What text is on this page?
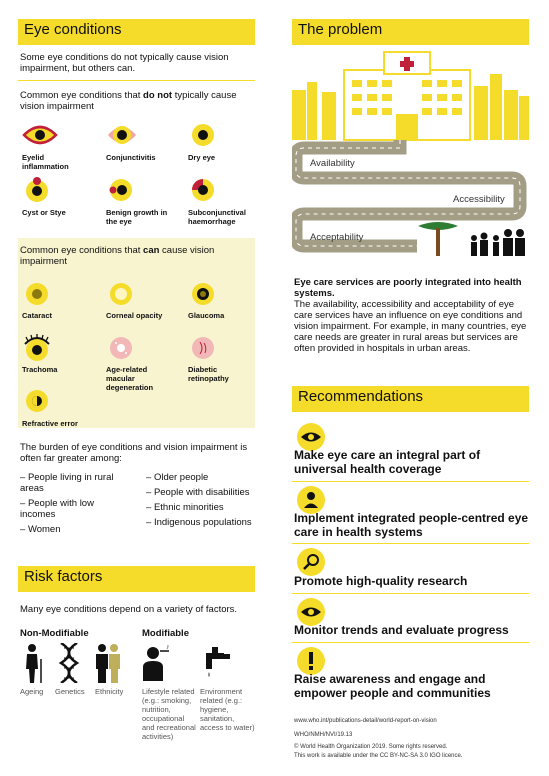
Eye conditions
Some eye conditions do not typically cause vision impairment, but others can.
Common eye conditions that do not typically cause vision impairment
Eyelid inflammation
Conjunctivitis	Dry eye
Cyst or Stye	Benign growth in the eye
Subconjunctival haemorrhage
Common eye conditions that can cause vision impairment
Cataract	Corneal opacity	Glaucoma
Trachoma	Age-related macular degeneration
Diabetic retinopathy
Refractive error
The burden of eye conditions and vision impairment is often far greater among:
– People living in rural areas
– People with low incomes
– Women
– Older people
– People with disabilities
– Ethnic minorities
– Indigenous populations
Risk factors
Many eye conditions depend on a variety of factors.
Non-Modifiable	Modifiable
Ageing Genetics Ethnicity Lifestyle related (e.g.: smoking, nutrition, occupational and recreational activities)
Environment related (e.g.: hygiene, sanitation, access to water)
The problem
Availability
Accessibility
Acceptability
Eye care services are poorly integrated into health systems.
The availability, accessibility and acceptability of eye care services have an influence on eye conditions and vision impairment. For example, in many countries, eye care needs are greater in rural areas but services are often provided in hospitals in urban areas.
Recommendations
Make eye care an integral part of universal health coverage
Implement integrated people-centred eye care in health systems
Promote high-quality research
Monitor trends and evaluate progress
Raise awareness and engage and empower people and communities
www.who.int/publications-detail/world-report-on-vision
WHO/NMH/NVI/19.13
© World Health Organization 2019. Some rights reserved.
This work is available under the CC BY-NC-SA 3.0 IGO licence.
